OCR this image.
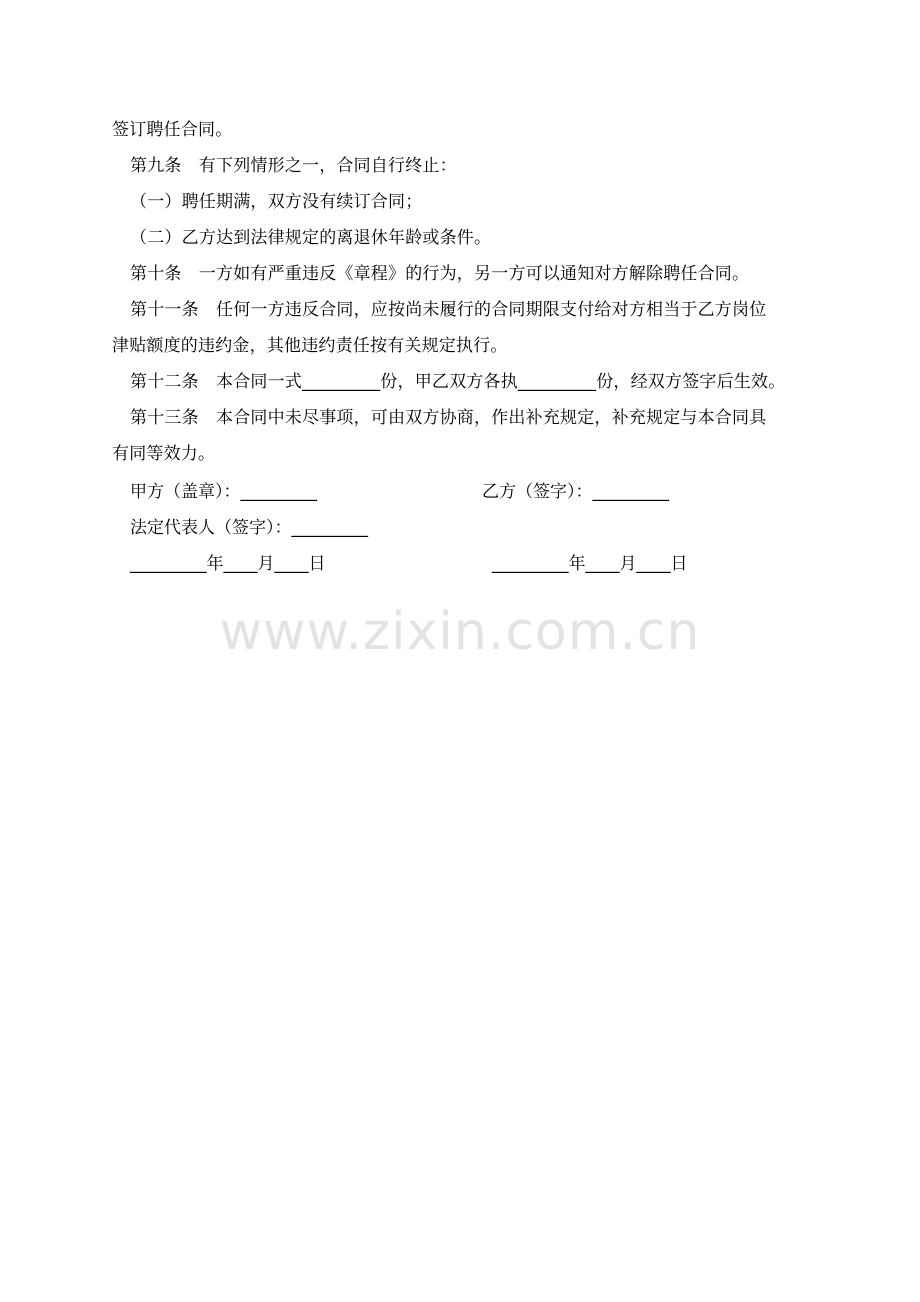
签订聘任合同。
第九条　有下列情形之一，合同自行终止：
（一）聘任期满，双方没有续订合同；
（二）乙方达到法律规定的离退休年龄或条件。
第十条　一方如有严重违反《章程》的行为，另一方可以通知对方解除聘任合同。
第十一条　任何一方违反合同，应按尚未履行的合同期限支付给对方相当于乙方岗位
津贴额度的违约金，其他违约责任按有关规定执行。
第十二条　本合同一式_________份，甲乙双方各执_________份，经双方签字后生效。
第十三条　本合同中未尽事项，可由双方协商，作出补充规定，补充规定与本合同具
有同等效力。
甲方（盖章）：_________	乙方（签字）：_________
法定代表人（签字）：_________
_________年____月____日	_________年____月____日
www.zixin.com.cn
